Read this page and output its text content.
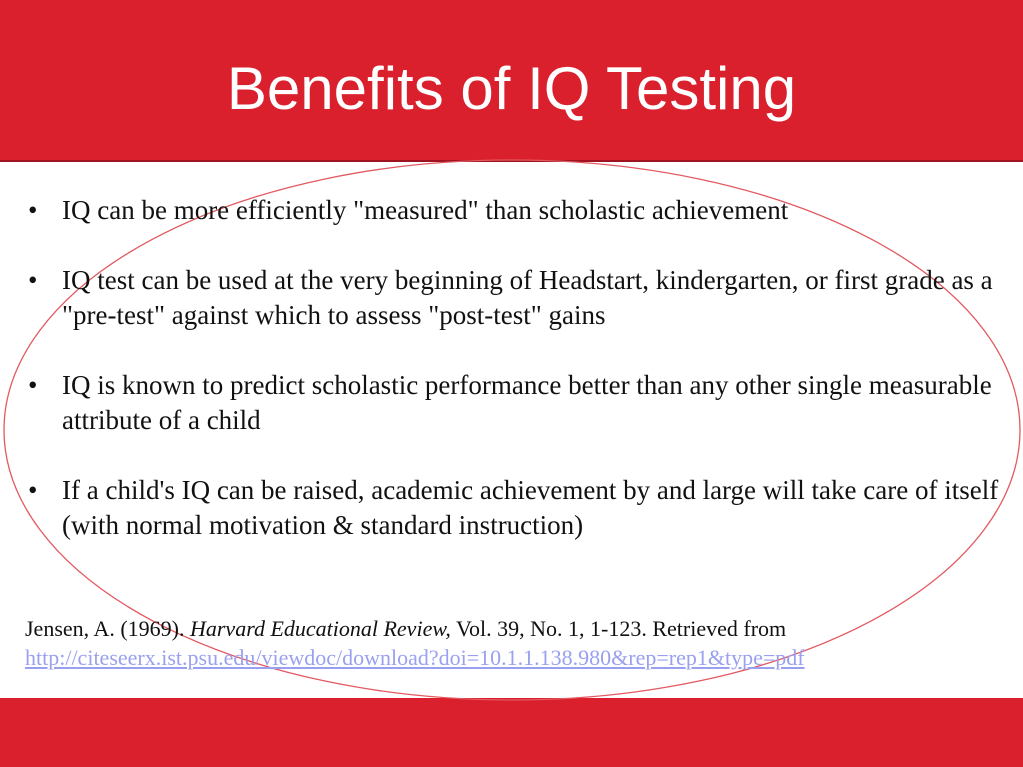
Benefits of IQ Testing
• IQ can be more efficiently "measured" than scholastic achievement
• IQ test can be used at the very beginning of Headstart, kindergarten, or first grade as a "pre-test" against which to assess "post-test" gains
• IQ is known to predict scholastic performance better than any other single measurable attribute of a child
• If a child's IQ can be raised, academic achievement by and large will take care of itself (with normal motivation & standard instruction)
Jensen, A. (1969). Harvard Educational Review, Vol. 39, No. 1, 1-123. Retrieved from
http://citeseerx.ist.psu.edu/viewdoc/download?doi=10.1.1.138.980&rep=rep1&type=pdf
